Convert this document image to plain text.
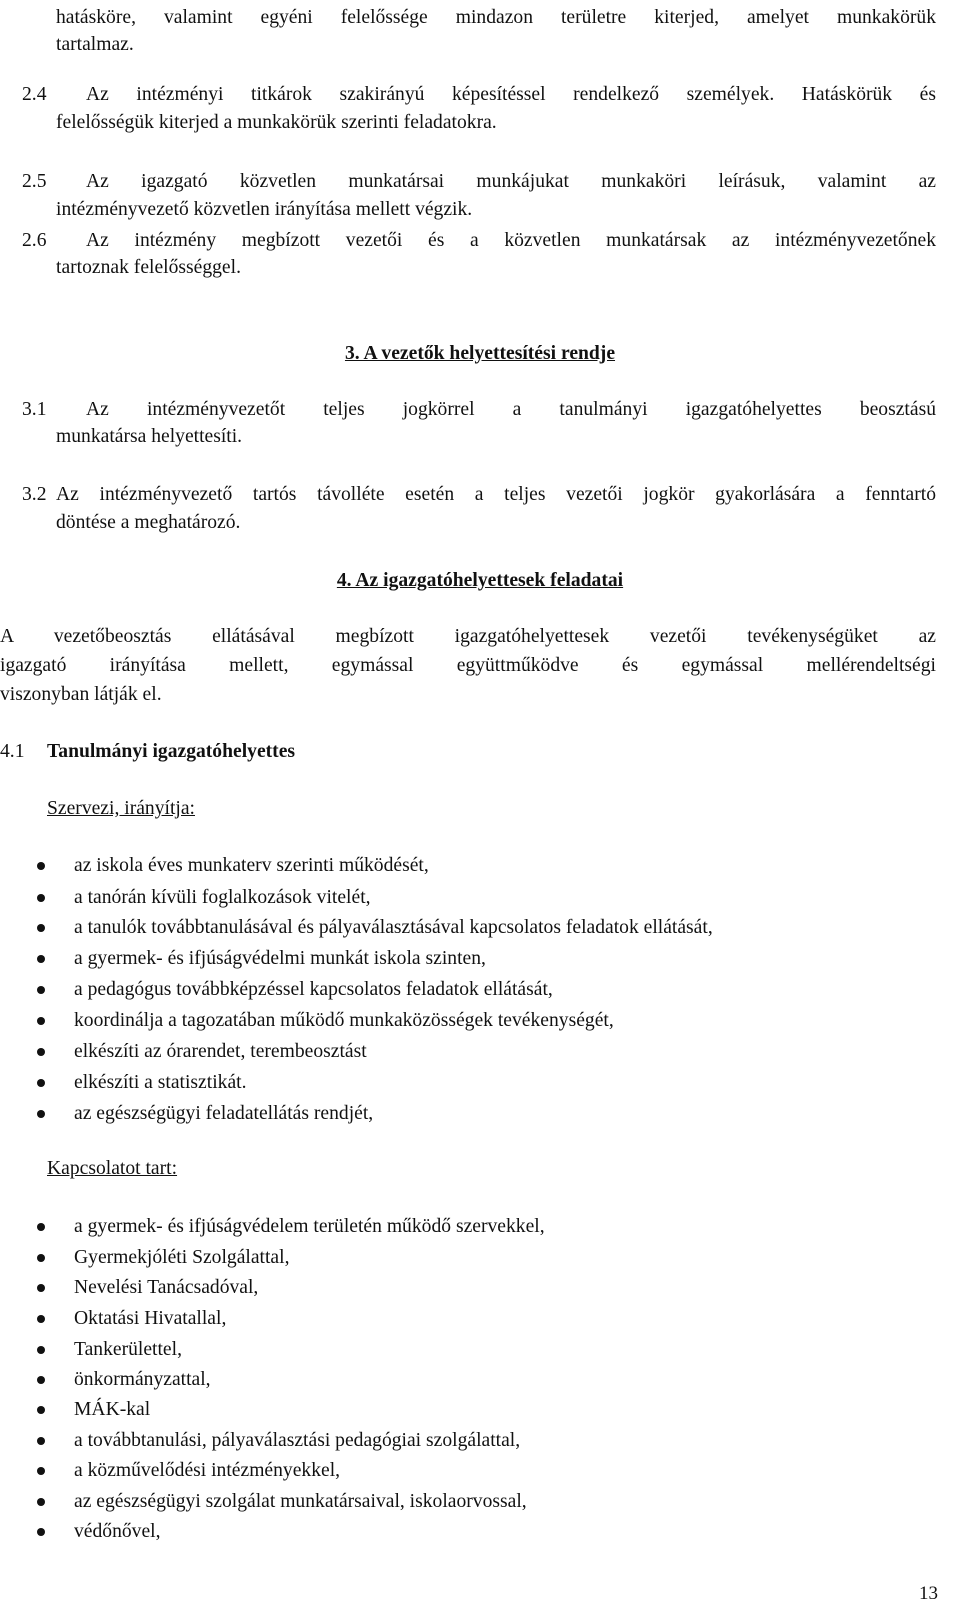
hatásköre, valamint egyéni felelőssége mindazon területre kiterjed, amelyet munkakörük
tartalmaz.
2.4 Az intézményi titkárok szakirányú képesítéssel rendelkező személyek. Hatáskörük és
felelősségük kiterjed a munkakörük szerinti feladatokra.
2.5	Az igazgató közvetlen munkatársai munkájukat munkaköri leírásuk, valamint az
intézményvezető közvetlen irányítása mellett végzik.
2.6	Az intézmény megbízott vezetői és a közvetlen munkatársak az intézményvezetőnek
tartoznak felelősséggel.
3. A vezetők helyettesítési rendje
3.1	Az intézményvezetőt teljes jogkörrel a tanulmányi igazgatóhelyettes beosztású
munkatársa helyettesíti.
3.2 Az intézményvezető tartós távolléte esetén a teljes vezetői jogkör gyakorlására a fenntartó
döntése a meghatározó.
4. Az igazgatóhelyettesek feladatai
A vezetőbeosztás ellátásával megbízott igazgatóhelyettesek vezetői tevékenységüket az
igazgató irányítása mellett, egymással együttműködve és egymással mellérendeltségi
viszonyban látják el.
4.1 Tanulmányi igazgatóhelyettes
Szervezi, irányítja:
az iskola éves munkaterv szerinti működését,
a tanórán kívüli foglalkozások vitelét,
a tanulók továbbtanulásával és pályaválasztásával kapcsolatos feladatok ellátását,
a gyermek- és ifjúságvédelmi munkát iskola szinten,
a pedagógus továbbképzéssel kapcsolatos feladatok ellátását,
koordinálja a tagozatában működő munkaközösségek tevékenységét,
elkészíti az órarendet, terembeosztást
elkészíti a statisztikát.
az egészségügyi feladatellátás rendjét,
Kapcsolatot tart:
a gyermek- és ifjúságvédelem területén működő szervekkel,
Gyermekjóléti Szolgálattal,
Nevelési Tanácsadóval,
Oktatási Hivatallal,
Tankerülettel,
önkormányzattal,
MÁK-kal
a továbbtanulási, pályaválasztási pedagógiai szolgálattal,
a közművelődési intézményekkel,
az egészségügyi szolgálat munkatársaival, iskolaorvossal,
védőnővel,
13
